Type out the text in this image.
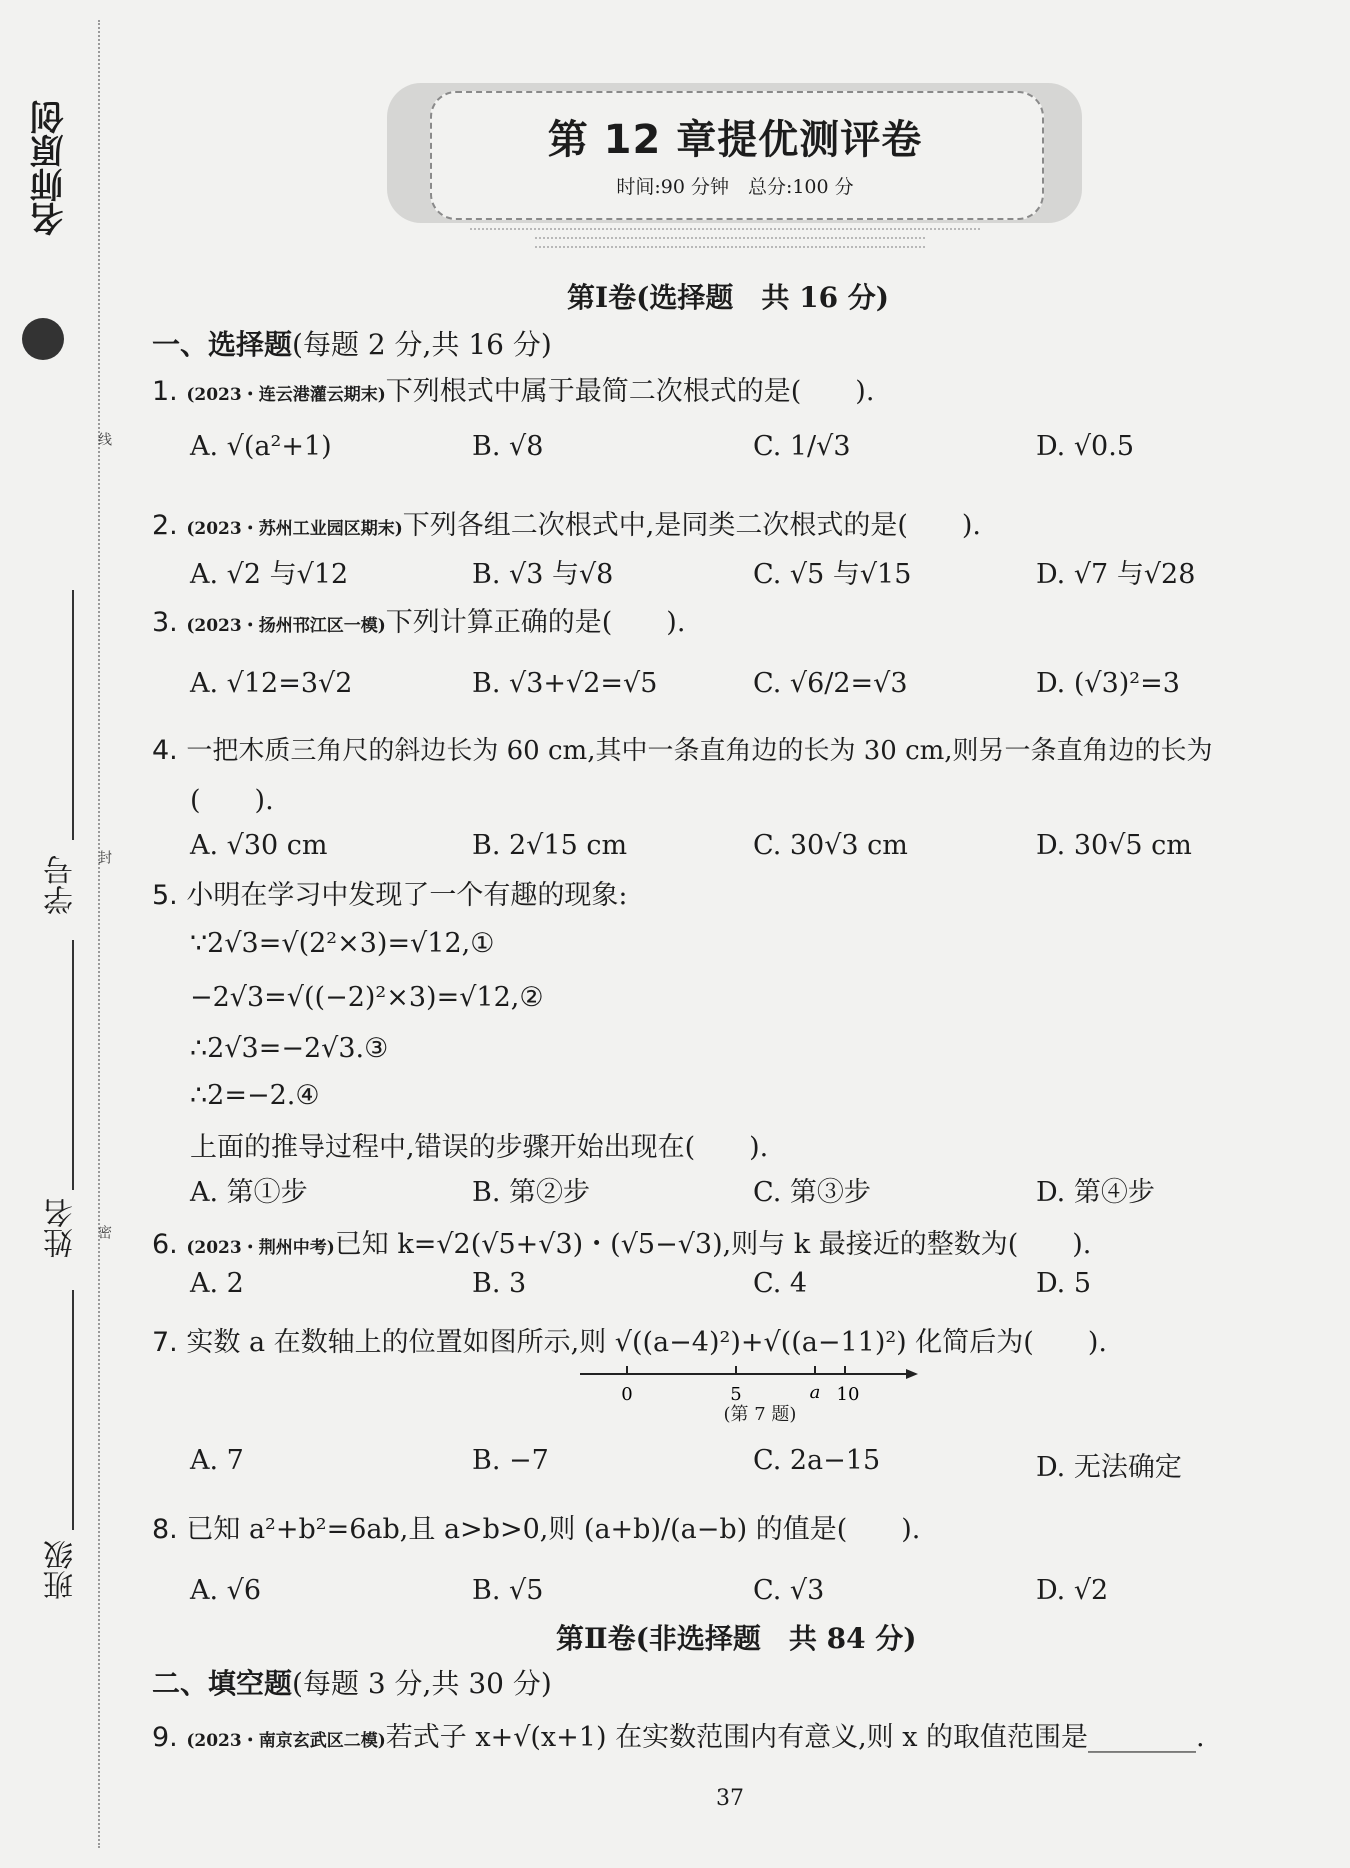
名师原创
线
封
密
学号
姓名
班级
第 12 章提优测评卷
时间:90 分钟　总分:100 分
第Ⅰ卷(选择题　共 16 分)
一、选择题(每题 2 分,共 16 分)
1. (2023・连云港灌云期末)下列根式中属于最简二次根式的是(　　).
A. √(a²+1)	B. √8	C. 1/√3	D. √0.5
2. (2023・苏州工业园区期末)下列各组二次根式中,是同类二次根式的是(　　).
A. √2 与√12	B. √3 与√8	C. √5 与√15	D. √7 与√28
3. (2023・扬州邗江区一模)下列计算正确的是(　　).
A. √12=3√2	B. √3+√2=√5	C. √6/2=√3	D. (√3)²=3
4. 一把木质三角尺的斜边长为 60 cm,其中一条直角边的长为 30 cm,则另一条直角边的长为
(　　).
A. √30 cm	B. 2√15 cm	C. 30√3 cm	D. 30√5 cm
5. 小明在学习中发现了一个有趣的现象:
∵2√3=√(2²×3)=√12,①
−2√3=√((−2)²×3)=√12,②
∴2√3=−2√3.③
∴2=−2.④
上面的推导过程中,错误的步骤开始出现在(　　).
A. 第①步	B. 第②步	C. 第③步	D. 第④步
6. (2023・荆州中考)已知 k=√2(√5+√3)・(√5−√3),则与 k 最接近的整数为(　　).
A. 2	B. 3	C. 4	D. 5
7. 实数 a 在数轴上的位置如图所示,则 √((a−4)²)+√((a−11)²) 化简后为(　　).
0	5	a 10
(第 7 题)
A. 7	B. −7	C. 2a−15	D. 无法确定
8. 已知 a²+b²=6ab,且 a>b>0,则 (a+b)/(a−b) 的值是(　　).
A. √6	B. √5	C. √3	D. √2
第Ⅱ卷(非选择题　共 84 分)
二、填空题(每题 3 分,共 30 分)
9. (2023・南京玄武区二模)若式子 x+√(x+1) 在实数范围内有意义,则 x 的取值范围是________.
37
